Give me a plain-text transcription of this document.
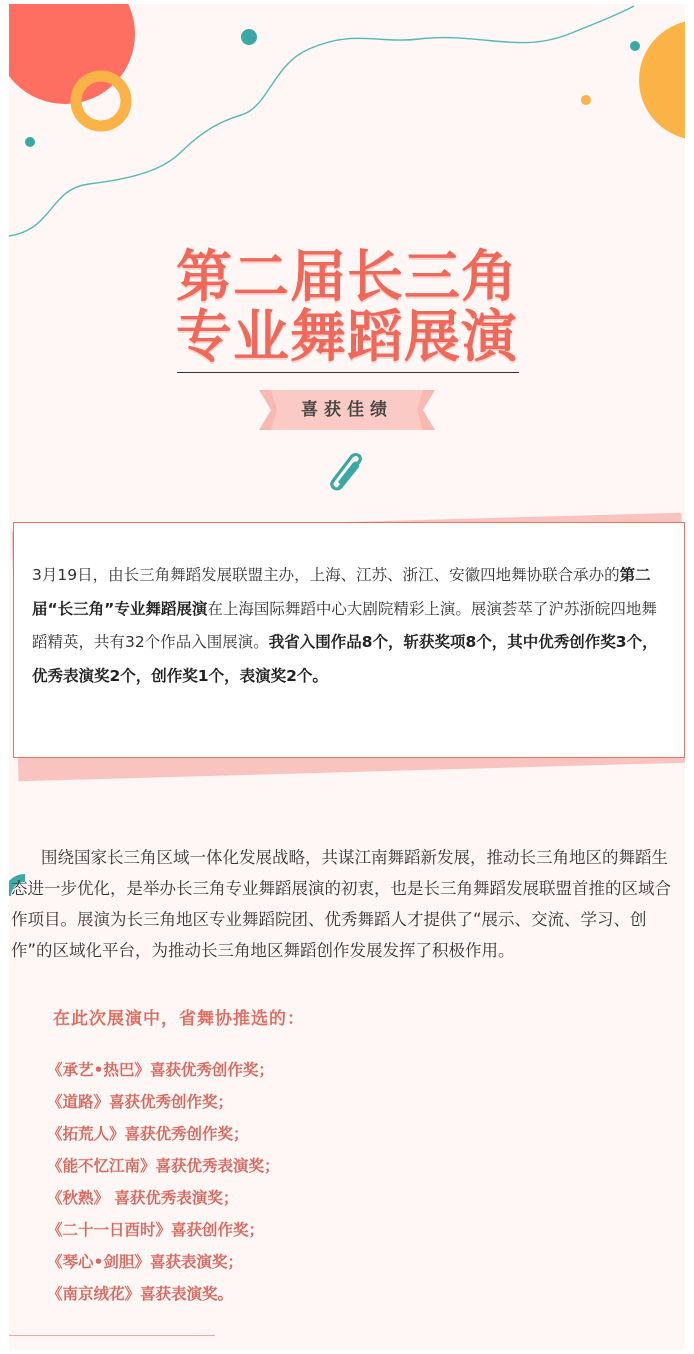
第二届长三角
专业舞蹈展演
喜获佳绩

3月19日，由长三角舞蹈发展联盟主办，上海、江苏、浙江、安徽四地舞协联合承办的第二届“长三角”专业舞蹈展演在上海国际舞蹈中心大剧院精彩上演。展演荟萃了沪苏浙皖四地舞蹈精英，共有32个作品入围展演。我省入围作品8个，斩获奖项8个，其中优秀创作奖3个，优秀表演奖2个，创作奖1个，表演奖2个。

围绕国家长三角区域一体化发展战略，共谋江南舞蹈新发展，推动长三角地区的舞蹈生态进一步优化，是举办长三角专业舞蹈展演的初衷，也是长三角舞蹈发展联盟首推的区域合作项目。展演为长三角地区专业舞蹈院团、优秀舞蹈人才提供了“展示、交流、学习、创作”的区域化平台，为推动长三角地区舞蹈创作发展发挥了积极作用。

在此次展演中，省舞协推选的：
《承艺•热巴》喜获优秀创作奖；
《道路》喜获优秀创作奖；
《拓荒人》喜获优秀创作奖；
《能不忆江南》喜获优秀表演奖；
《秋熟》 喜获优秀表演奖；
《二十一日酉时》喜获创作奖；
《琴心•剑胆》喜获表演奖；
《南京绒花》喜获表演奖。
